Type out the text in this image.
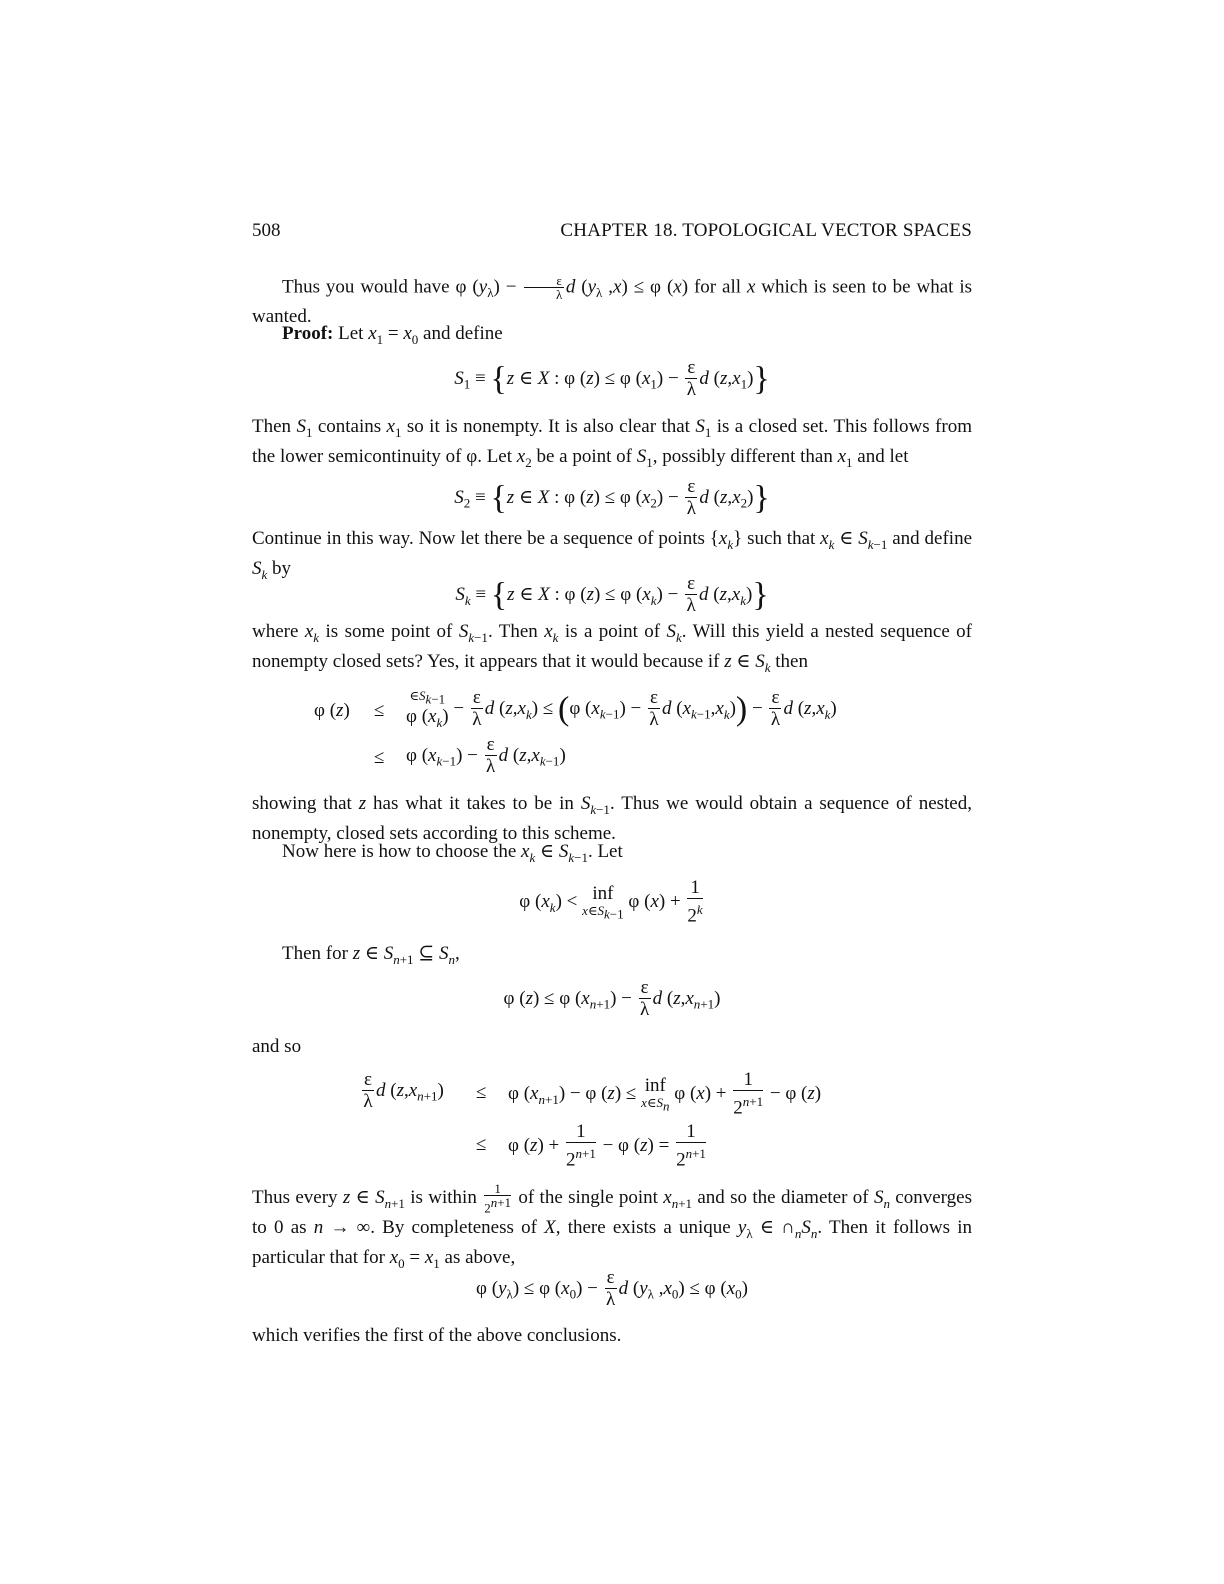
508	CHAPTER 18. TOPOLOGICAL VECTOR SPACES
Thus you would have φ $(y_\lambda) - \frac{\varepsilon}{\lambda}$ d ($y_\lambda$ ,x) ≤ φ (x) for all x which is seen to be what is wanted.
Proof: Let $x_1 = x_0$ and define
$S_1 \equiv \{z$ ∈ X : φ (z) ≤ φ $(x_1) - \frac{\varepsilon}{\lambda}$ d $(z,x_1)$}
Then $S_1$ contains $x_1$ so it is nonempty. It is also clear that $S_1$ is a closed set. This follows from the lower semicontinuity of φ. Let $x_2$ be a point of $S_1$, possibly different than $x_1$ and let
$S_2 \equiv \{z$ ∈ X : φ (z) ≤ φ $(x_2) - \frac{\varepsilon}{\lambda}$ d $(z,x_2)$}
Continue in this way. Now let there be a sequence of points $\{x_k\}$ such that $x_k$ ∈ $S_{k-1}$ and define $S_k$ by
$S_k \equiv \{z$ ∈ X : φ (z) ≤ φ $(x_k) - \frac{\varepsilon}{\lambda}$ d $(z,x_k)$}
where $x_k$ is some point of $S_{k-1}$. Then $x_k$ is a point of $S_k$. Will this yield a nested sequence of nonempty closed sets? Yes, it appears that it would because if z ∈ $S_k$ then
φ (z) ≤
$\in S_{k-1}$
φ $(x_k) - \frac{\varepsilon}{\lambda}$ d $(z,x_k) \le (\varphi$ $(x_{k-1}) - \frac{\varepsilon}{\lambda}$ d $(x_{k-1},x_k)) - \frac{\varepsilon}{\lambda}$ d $(z,x_k)$
≤ φ $(x_{k-1}) - \frac{\varepsilon}{\lambda}$ d $(z,x_{k-1})$
showing that z has what it takes to be in $S_{k-1}$. Thus we would obtain a sequence of nested, nonempty, closed sets according to this scheme.
Now here is how to choose the $x_k$ ∈ $S_{k-1}$. Let
φ $(x_k)$ < inf
$x\in S_{k-1}$
φ $(x) + \frac{1}{2^k}$
Then for z ∈ $S_{n+1}$ ⊆ $S_n$,
φ (z) ≤ φ $(x_{n+1}) - \frac{\varepsilon}{\lambda}$ d $(z,x_{n+1})$
and so
$\frac{\varepsilon}{\lambda}$ d $(z,x_{n+1}) \le \varphi$ $(x_{n+1}) - \varphi$ (z) ≤ inf
$x\in S_n$
φ $(x) + \frac{1}{2^{n+1}} - \varphi$ (z)
≤ φ $(z) + \frac{1}{2^{n+1}} - \varphi$ $(z) = \frac{1}{2^{n+1}}$
Thus every z ∈ $S_{n+1}$ is within $\frac{1}{2^{n+1}}$ of the single point $x_{n+1}$ and so the diameter of $S_n$ converges to 0 as n → ∞. By completeness of X, there exists a unique $y_\lambda$ ∈ $\cap_nS_n$. Then it follows in particular that for $x_0 = x_1$ as above,
φ $(y_\lambda) \le \varphi$ $(x_0) - \frac{\varepsilon}{\lambda}$ d ($y_\lambda$ $,x_0) \le \varphi$ $(x_0)$
which verifies the first of the above conclusions.
